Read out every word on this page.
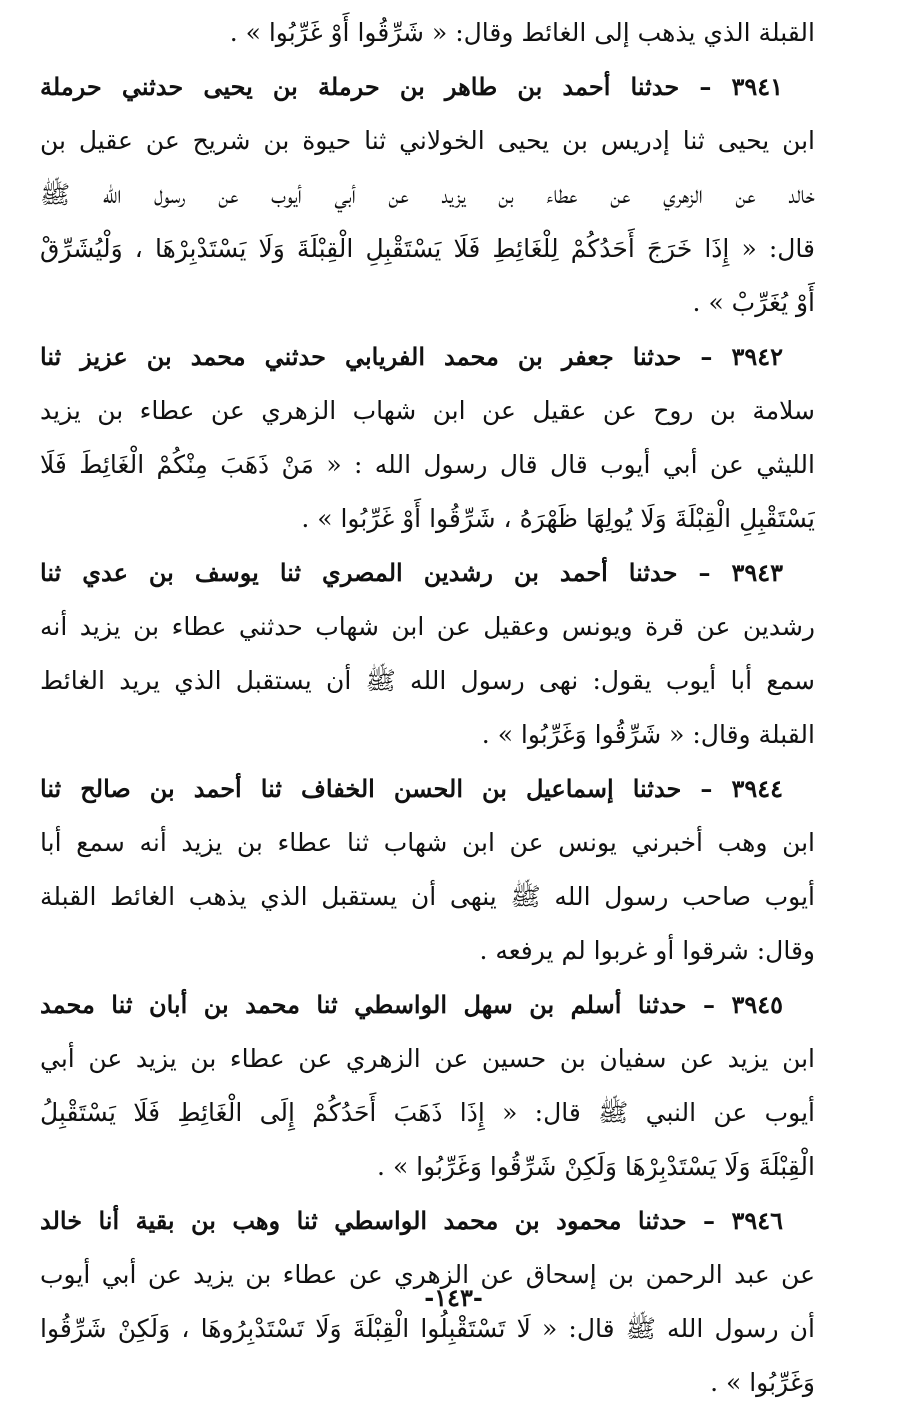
القبلة الذي يذهب إلى الغائط وقال: « شَرِّقُوا أَوْ غَرِّبُوا » .
٣٩٤١ – حدثنا أحمد بن طاهر بن حرملة بن يحيى حدثني حرملة
ابن يحيى ثنا إدريس بن يحيى الخولاني ثنا حيوة بن شريح عن عقيل بن
خالد عن الزهري عن عطاء بن يزيد عن أبي أيوب عن رسول الله ﷺ
قال: « إِذَا خَرَجَ أَحَدُكُمْ لِلْغَائِطِ فَلَا يَسْتَقْبِلِ الْقِبْلَةَ وَلَا يَسْتَدْبِرْهَا ، وَلْيُشَرِّقْ
أَوْ يُغَرِّبْ » .
٣٩٤٢ – حدثنا جعفر بن محمد الفريابي حدثني محمد بن عزيز ثنا
سلامة بن روح عن عقيل عن ابن شهاب الزهري عن عطاء بن يزيد
الليثي عن أبي أيوب قال قال رسول الله : « مَنْ ذَهَبَ مِنْكُمْ الْغَائِطَ فَلَا
يَسْتَقْبِلِ الْقِبْلَةَ وَلَا يُولِهَا ظَهْرَهُ ، شَرِّقُوا أَوْ غَرِّبُوا » .
٣٩٤٣ – حدثنا أحمد بن رشدين المصري ثنا يوسف بن عدي ثنا
رشدين عن قرة ويونس وعقيل عن ابن شهاب حدثني عطاء بن يزيد أنه
سمع أبا أيوب يقول: نهى رسول الله ﷺ أن يستقبل الذي يريد الغائط
القبلة وقال: « شَرِّقُوا وَغَرِّبُوا » .
٣٩٤٤ – حدثنا إسماعيل بن الحسن الخفاف ثنا أحمد بن صالح ثنا
ابن وهب أخبرني يونس عن ابن شهاب ثنا عطاء بن يزيد أنه سمع أبا
أيوب صاحب رسول الله ﷺ ينهى أن يستقبل الذي يذهب الغائط القبلة
وقال: شرقوا أو غربوا لم يرفعه .
٣٩٤٥ – حدثنا أسلم بن سهل الواسطي ثنا محمد بن أبان ثنا محمد
ابن يزيد عن سفيان بن حسين عن الزهري عن عطاء بن يزيد عن أبي
أيوب عن النبي ﷺ قال: « إِذَا ذَهَبَ أَحَدُكُمْ إِلَى الْغَائِطِ فَلَا يَسْتَقْبِلُ
الْقِبْلَةَ وَلَا يَسْتَدْبِرْهَا وَلَكِنْ شَرِّقُوا وَغَرِّبُوا » .
٣٩٤٦ – حدثنا محمود بن محمد الواسطي ثنا وهب بن بقية أنا خالد
عن عبد الرحمن بن إسحاق عن الزهري عن عطاء بن يزيد عن أبي أيوب
أن رسول الله ﷺ قال: « لَا تَسْتَقْبِلُوا الْقِبْلَةَ وَلَا تَسْتَدْبِرُوهَا ، وَلَكِنْ شَرِّقُوا
وَغَرِّبُوا » .
-١٤٣-
